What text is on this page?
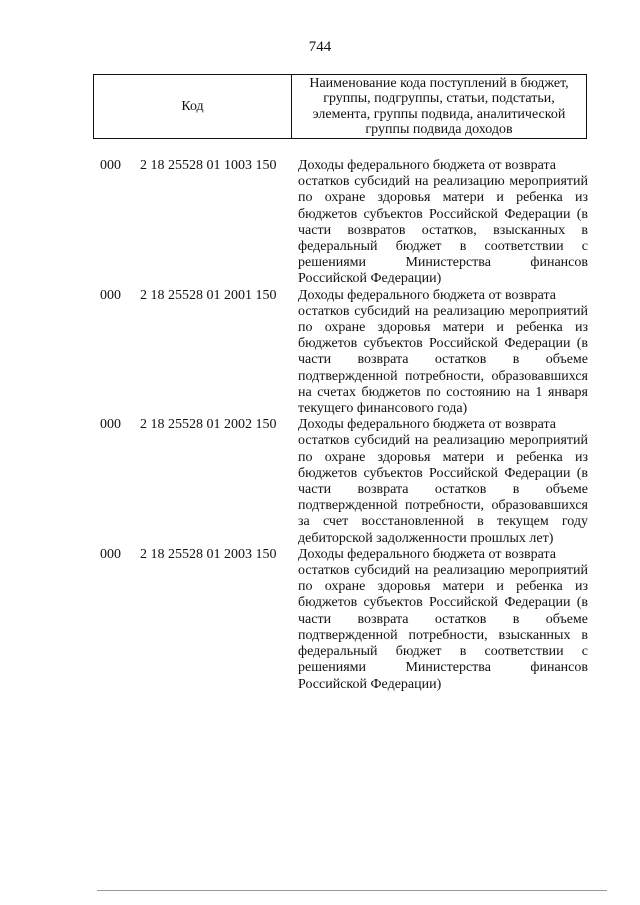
744
Код
Наименование кода поступлений в бюджет, группы, подгруппы, статьи, подстатьи, элемента, группы подвида, аналитической группы подвида доходов
000	2 18 25528 01 1003 150	Доходы федерального бюджета от возврата
остатков субсидий на реализацию мероприятий по охране здоровья матери и ребенка из бюджетов субъектов Российской Федерации (в части возвратов остатков, взысканных в федеральный бюджет в соответствии с решениями Министерства финансов Российской Федерации)
000	2 18 25528 01 2001 150	Доходы федерального бюджета от возврата
остатков субсидий на реализацию мероприятий по охране здоровья матери и ребенка из бюджетов субъектов Российской Федерации (в части возврата остатков в объеме подтвержденной потребности, образовавшихся на счетах бюджетов по состоянию на 1 января текущего финансового года)
000	2 18 25528 01 2002 150	Доходы федерального бюджета от возврата
остатков субсидий на реализацию мероприятий по охране здоровья матери и ребенка из бюджетов субъектов Российской Федерации (в части возврата остатков в объеме подтвержденной потребности, образовавшихся за счет восстановленной в текущем году дебиторской задолженности прошлых лет)
000	2 18 25528 01 2003 150	Доходы федерального бюджета от возврата
остатков субсидий на реализацию мероприятий по охране здоровья матери и ребенка из бюджетов субъектов Российской Федерации (в части возврата остатков в объеме подтвержденной потребности, взысканных в федеральный бюджет в соответствии с решениями Министерства финансов Российской Федерации)
